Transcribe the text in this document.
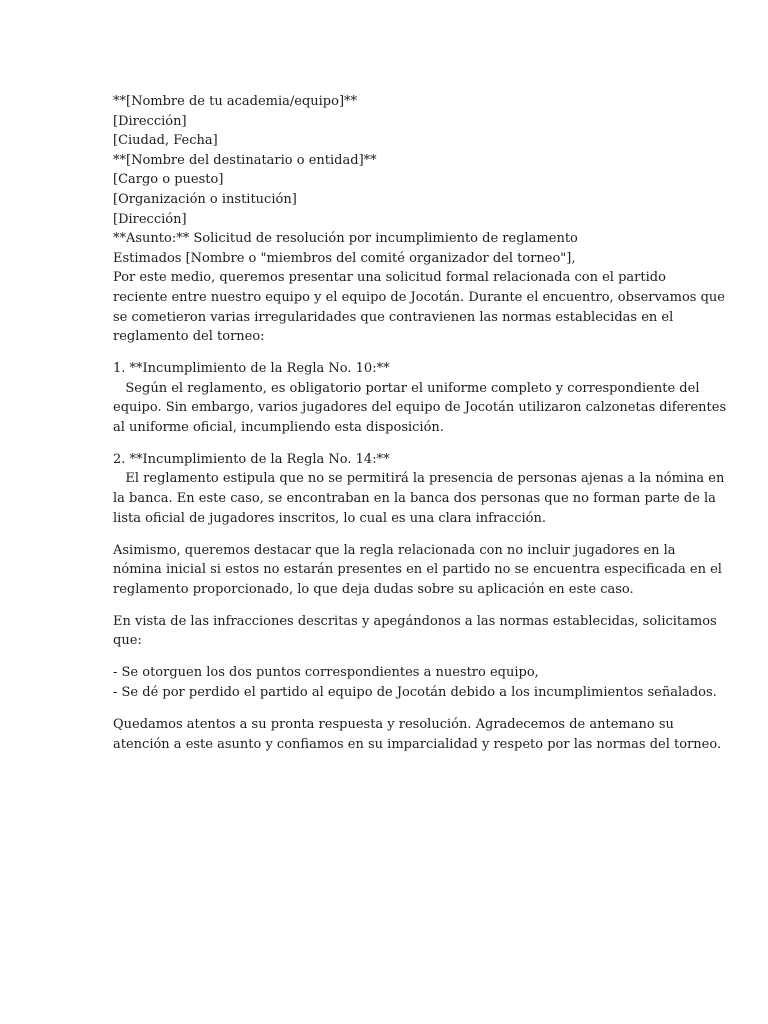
**[Nombre de tu academia/equipo]**

[Dirección]

[Ciudad, Fecha]

**[Nombre del destinatario o entidad]**

[Cargo o puesto]

[Organización o institución]

[Dirección]

**Asunto:** Solicitud de resolución por incumplimiento de reglamento

Estimados [Nombre o "miembros del comité organizador del torneo"],

Por este medio, queremos presentar una solicitud formal relacionada con el partido
reciente entre nuestro equipo y el equipo de Jocotán. Durante el encuentro, observamos que
se cometieron varias irregularidades que contravienen las normas establecidas en el
reglamento del torneo:
1. **Incumplimiento de la Regla No. 10:**
Según el reglamento, es obligatorio portar el uniforme completo y correspondiente del
equipo. Sin embargo, varios jugadores del equipo de Jocotán utilizaron calzonetas diferentes
al uniforme oficial, incumpliendo esta disposición.
2. **Incumplimiento de la Regla No. 14:**
El reglamento estipula que no se permitirá la presencia de personas ajenas a la nómina en
la banca. En este caso, se encontraban en la banca dos personas que no forman parte de la
lista oficial de jugadores inscritos, lo cual es una clara infracción.
Asimismo, queremos destacar que la regla relacionada con no incluir jugadores en la
nómina inicial si estos no estarán presentes en el partido no se encuentra especificada en el
reglamento proporcionado, lo que deja dudas sobre su aplicación en este caso.
En vista de las infracciones descritas y apegándonos a las normas establecidas, solicitamos
que:
- Se otorguen los dos puntos correspondientes a nuestro equipo,
- Se dé por perdido el partido al equipo de Jocotán debido a los incumplimientos señalados.
Quedamos atentos a su pronta respuesta y resolución. Agradecemos de antemano su
atención a este asunto y confiamos en su imparcialidad y respeto por las normas del torneo.
